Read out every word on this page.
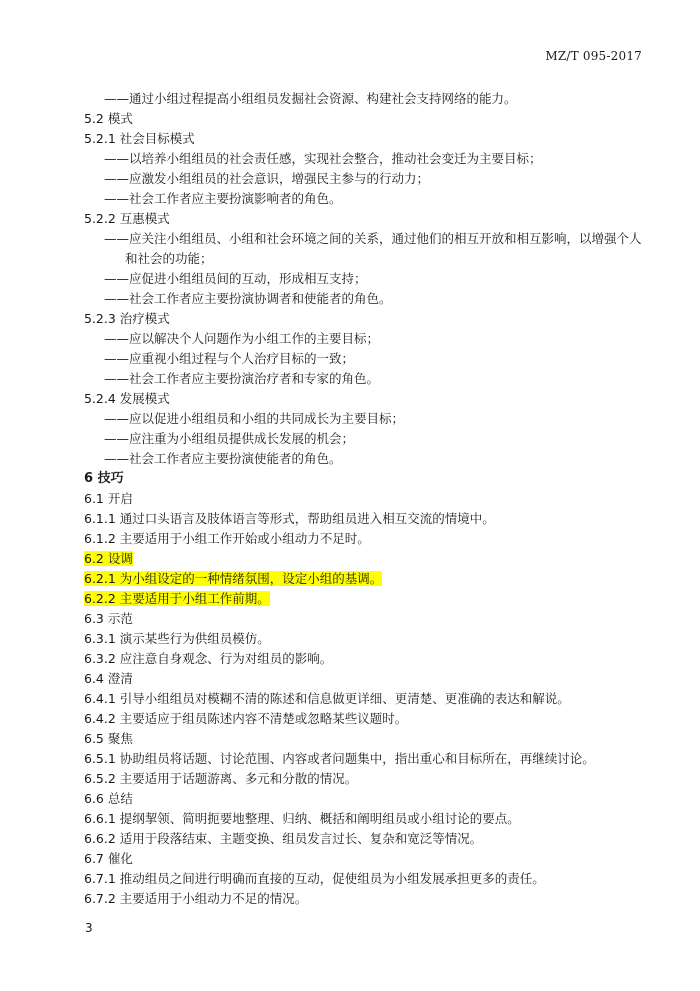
MZ/T 095-2017
——通过小组过程提高小组组员发掘社会资源、构建社会支持网络的能力。
5.2 模式
5.2.1 社会目标模式
——以培养小组组员的社会责任感，实现社会整合，推动社会变迁为主要目标；
——应激发小组组员的社会意识，增强民主参与的行动力；
——社会工作者应主要扮演影响者的角色。
5.2.2 互惠模式
——应关注小组组员、小组和社会环境之间的关系，通过他们的相互开放和相互影响，以增强个人
和社会的功能；
——应促进小组组员间的互动，形成相互支持；
——社会工作者应主要扮演协调者和使能者的角色。
5.2.3 治疗模式
——应以解决个人问题作为小组工作的主要目标；
——应重视小组过程与个人治疗目标的一致；
——社会工作者应主要扮演治疗者和专家的角色。
5.2.4 发展模式
——应以促进小组组员和小组的共同成长为主要目标；
——应注重为小组组员提供成长发展的机会；
——社会工作者应主要扮演使能者的角色。
6 技巧
6.1 开启
6.1.1 通过口头语言及肢体语言等形式，帮助组员进入相互交流的情境中。
6.1.2 主要适用于小组工作开始或小组动力不足时。
6.2 设调
6.2.1 为小组设定的一种情绪氛围，设定小组的基调。
6.2.2 主要适用于小组工作前期。
6.3 示范
6.3.1 演示某些行为供组员模仿。
6.3.2 应注意自身观念、行为对组员的影响。
6.4 澄清
6.4.1 引导小组组员对模糊不清的陈述和信息做更详细、更清楚、更准确的表达和解说。
6.4.2 主要适应于组员陈述内容不清楚或忽略某些议题时。
6.5 聚焦
6.5.1 协助组员将话题、讨论范围、内容或者问题集中，指出重心和目标所在，再继续讨论。
6.5.2 主要适用于话题游离、多元和分散的情况。
6.6 总结
6.6.1 提纲挈领、简明扼要地整理、归纳、概括和阐明组员或小组讨论的要点。
6.6.2 适用于段落结束、主题变换、组员发言过长、复杂和宽泛等情况。
6.7 催化
6.7.1 推动组员之间进行明确而直接的互动，促使组员为小组发展承担更多的责任。
6.7.2 主要适用于小组动力不足的情况。
3
